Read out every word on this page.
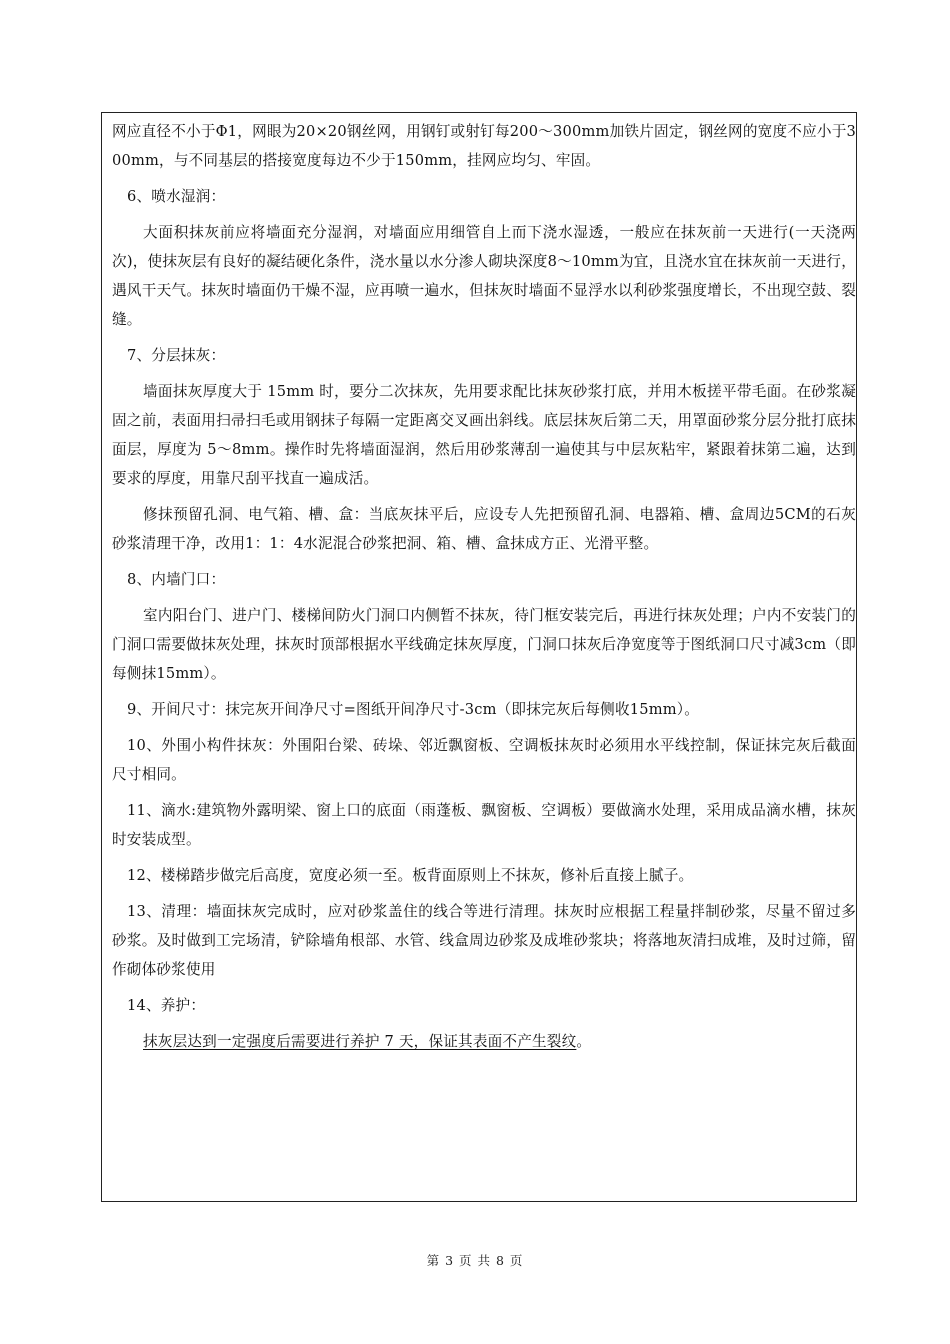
网应直径不小于Φ1，网眼为20×20钢丝网，用钢钉或射钉每200～300mm加铁片固定，钢丝网的宽度不应小于300mm，与不同基层的搭接宽度每边不少于150mm，挂网应均匀、牢固。

6、喷水湿润：

大面积抹灰前应将墙面充分湿润，对墙面应用细管自上而下浇水湿透，一般应在抹灰前一天进行(一天浇两次)，使抹灰层有良好的凝结硬化条件，浇水量以水分渗人砌块深度8～10mm为宜，且浇水宜在抹灰前一天进行，遇风干天气。抹灰时墙面仍干燥不湿，应再喷一遍水，但抹灰时墙面不显浮水以利砂浆强度增长，不出现空鼓、裂缝。

7、分层抹灰：

墙面抹灰厚度大于 15mm 时，要分二次抹灰，先用要求配比抹灰砂浆打底，并用木板搓平带毛面。在砂浆凝固之前，表面用扫帚扫毛或用钢抹子每隔一定距离交叉画出斜线。底层抹灰后第二天，用罩面砂浆分层分批打底抹面层，厚度为 5～8mm。操作时先将墙面湿润，然后用砂浆薄刮一遍使其与中层灰粘牢，紧跟着抹第二遍，达到要求的厚度，用靠尺刮平找直一遍成活。

修抹预留孔洞、电气箱、槽、盒：当底灰抹平后，应设专人先把预留孔洞、电器箱、槽、盒周边5CM的石灰砂浆清理干净，改用1：1：4水泥混合砂浆把洞、箱、槽、盒抹成方正、光滑平整。

8、内墙门口：

室内阳台门、进户门、楼梯间防火门洞口内侧暂不抹灰，待门框安装完后，再进行抹灰处理；户内不安装门的门洞口需要做抹灰处理，抹灰时顶部根据水平线确定抹灰厚度，门洞口抹灰后净宽度等于图纸洞口尺寸减3cm（即每侧抹15mm）。

9、开间尺寸：抹完灰开间净尺寸=图纸开间净尺寸-3cm（即抹完灰后每侧收15mm）。

10、外围小构件抹灰：外围阳台梁、砖垛、邻近飘窗板、空调板抹灰时必须用水平线控制，保证抹完灰后截面尺寸相同。

11、滴水:建筑物外露明梁、窗上口的底面（雨蓬板、飘窗板、空调板）要做滴水处理，采用成品滴水槽，抹灰时安装成型。

12、楼梯踏步做完后高度，宽度必须一至。板背面原则上不抹灰，修补后直接上腻子。

13、清理：墙面抹灰完成时，应对砂浆盖住的线合等进行清理。抹灰时应根据工程量拌制砂浆，尽量不留过多砂浆。及时做到工完场清，铲除墙角根部、水管、线盒周边砂浆及成堆砂浆块；将落地灰清扫成堆，及时过筛，留作砌体砂浆使用

14、养护：

抹灰层达到一定强度后需要进行养护 7 天，保证其表面不产生裂纹。

第 3 页 共 8 页
